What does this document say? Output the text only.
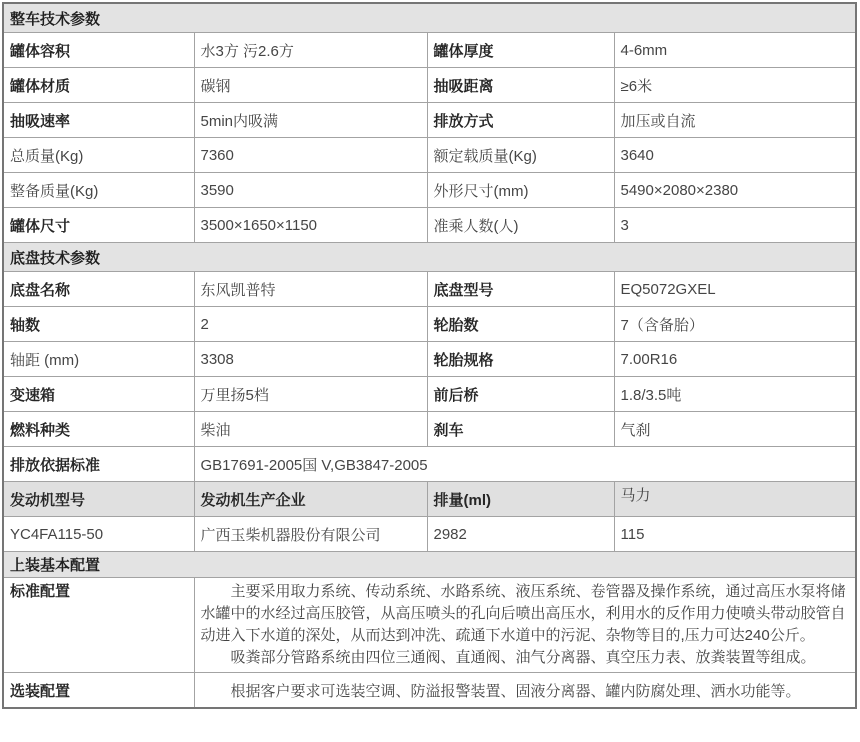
整车技术参数			
罐体容积	水3方 污2.6方	罐体厚度	4-6mm
罐体材质	碳钢	抽吸距离	≥6米
抽吸速率	5min内吸满	排放方式	加压或自流
总质量(Kg)	7360	额定载质量(Kg)	3640
整备质量(Kg)	3590	外形尺寸(mm)	5490×2080×2380
罐体尺寸	3500×1650×1150	准乘人数(人)	3
底盘技术参数			
底盘名称	东风凯普特	底盘型号	EQ5072GXEL
轴数	2	轮胎数	7（含备胎）
轴距 (mm)	3308	轮胎规格	7.00R16
变速箱	万里扬5档	前后桥	1.8/3.5吨
燃料种类	柴油	刹车	气刹
排放依据标准	GB17691-2005国 V,GB3847-2005		
发动机型号	发动机生产企业	排量(ml)	马力
YC4FA115-50	广西玉柴机器股份有限公司	2982	115
上装基本配置			
标准配置	主要采用取力系统、传动系统、水路系统、液压系统、卷管器及操作系统，通过高压水泵将储水罐中的水经过高压胶管，从高压喷头的孔向后喷出高压水，利用水的反作用力使喷头带动胶管自动进入下水道的深处，从而达到冲洗、疏通下水道中的污泥、杂物等目的,压力可达240公斤。

吸粪部分管路系统由四位三通阀、直通阀、油气分离器、真空压力表、放粪装置等组成。		

选装配置	根据客户要求可选装空调、防溢报警装置、固液分离器、罐内防腐处理、洒水功能等。		
